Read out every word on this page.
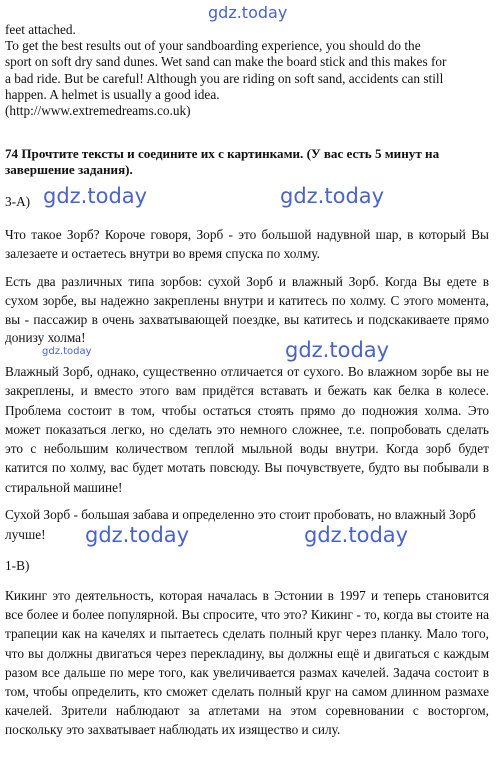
gdz.today
feet attached.
To get the best results out of your sandboarding experience, you should do the
sport on soft dry sand dunes. Wet sand can make the board stick and this makes for
a bad ride. But be careful! Although you are riding on soft sand, accidents can still
happen. A helmet is usually a good idea.
(http://www.extremedreams.co.uk)
74 Прочтите тексты и соедините их с картинками. (У вас есть 5 минут на
завершение задания).
3-А) gdz.today	gdz.today

Что такое Зорб? Короче говоря, Зорб - это большой надувной шар, в который Вы залезаете и остаетесь внутри во время спуска по холму.

Есть два различных типа зорбов: сухой Зорб и влажный Зорб. Когда Вы едете в сухом зорбе, вы надежно закреплены внутри и катитесь по холму. С этого момента, вы - пассажир в очень захватывающей поездке, вы катитесь и подскакиваете прямо донизу холма!

gdz.today
gdz.today

Влажный Зорб, однако, существенно отличается от сухого. Во влажном зорбе вы не закреплены, и вместо этого вам придётся вставать и бежать как белка в колесе. Проблема состоит в том, чтобы остаться стоять прямо до подножия холма. Это может показаться легко, но сделать это немного сложнее, т.е. попробовать сделать это с небольшим количеством теплой мыльной воды внутри. Когда зорб будет катится по холму, вас будет мотать повсюду. Вы почувствуете, будто вы побывали в стиральной машине!

Сухой Зорб - большая забава и определенно это стоит пробовать, но влажный Зорб лучше!	gdz.today	gdz.today
1-В)

Кикинг это деятельность, которая началась в Эстонии в 1997 и теперь становится все более и более популярной. Вы спросите, что это? Кикинг - то, когда вы стоите на трапеции как на качелях и пытаетесь сделать полный круг через планку. Мало того, что вы должны двигаться через перекладину, вы должны ещё и двигаться с каждым разом все дальше по мере того, как увеличивается размах качелей. Задача состоит в том, чтобы определить, кто сможет сделать полный круг на самом длинном размахе качелей. Зрители наблюдают за атлетами на этом соревновании с восторгом, поскольку это захватывает наблюдать их изящество и силу.
